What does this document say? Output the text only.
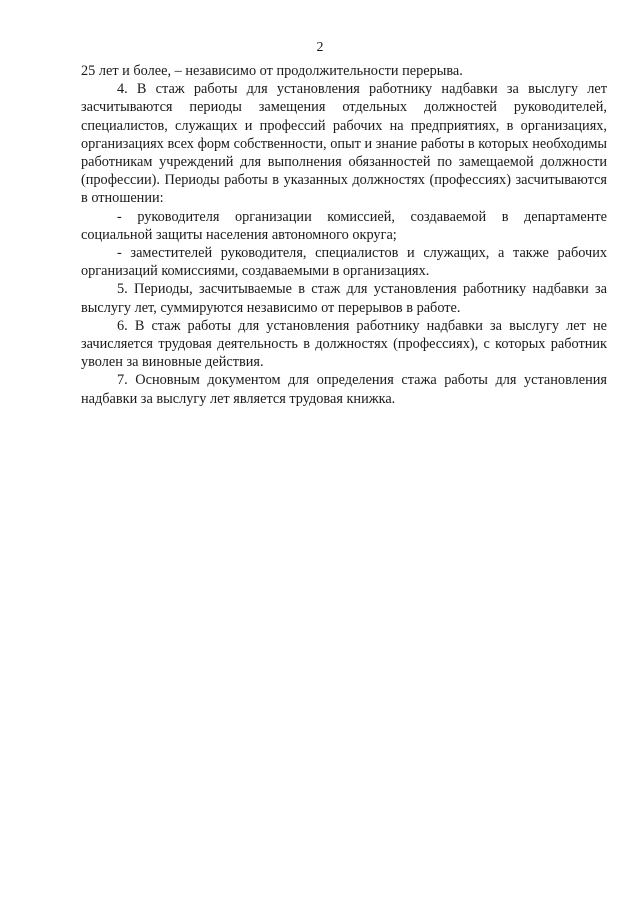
2

25 лет и более, – независимо от продолжительности перерыва.

4. В стаж работы для установления работнику надбавки за выслугу лет засчитываются периоды замещения отдельных должностей руководителей, специалистов, служащих и профессий рабочих на предприятиях, в организациях, организациях всех форм собственности, опыт и знание работы в которых необходимы работникам учреждений для выполнения обязанностей по замещаемой должности (профессии). Периоды работы в указанных должностях (профессиях) засчитываются в отношении:

- руководителя организации комиссией, создаваемой в департаменте социальной защиты населения автономного округа;

- заместителей руководителя, специалистов и служащих, а также рабочих организаций комиссиями, создаваемыми в организациях.

5. Периоды, засчитываемые в стаж для установления работнику надбавки за выслугу лет, суммируются независимо от перерывов в работе.

6. В стаж работы для установления работнику надбавки за выслугу лет не зачисляется трудовая деятельность в должностях (профессиях), с которых работник уволен за виновные действия.

7. Основным документом для определения стажа работы для установления надбавки за выслугу лет является трудовая книжка.
